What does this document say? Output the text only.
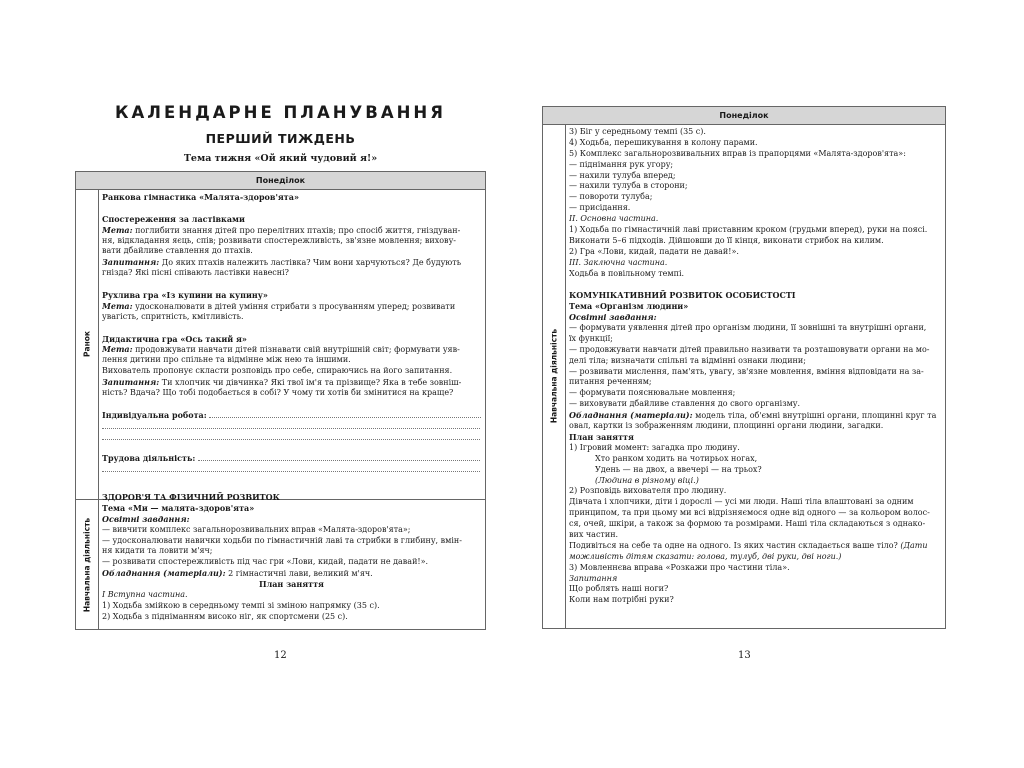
КАЛЕНДАРНЕ ПЛАНУВАННЯ
ПЕРШИЙ ТИЖДЕНЬ
Тема тижня «Ой який чудовий я!»
Понеділок
Ранок
Навчальна діяльність
Ранкова гімнастика «Малята-здоров'ята»
Спостереження за ластівками
Мета: поглибити знання дітей про перелітних птахів; про спосіб життя, гніздуван-
ня, відкладання яєць, спів; розвивати спостережливість, зв'язне мовлення; вихову-
вати дбайливе ставлення до птахів.
Запитання: До яких птахів належить ластівка? Чим вони харчуються? Де будують
гнізда? Які пісні співають ластівки навесні?
Рухлива гра «Із купини на купину»
Мета: удосконалювати в дітей уміння стрибати з просуванням уперед; розвивати
увагість, спритність, кмітливість.
Дидактична гра «Ось такий я»
Мета: продовжувати навчати дітей пізнавати свій внутрішній світ; формувати уяв-
лення дитини про спільне та відмінне між нею та іншими.
Вихователь пропонує скласти розповідь про себе, спираючись на його запитання.
Запитання: Ти хлопчик чи дівчинка? Які твої ім'я та прізвище? Яка в тебе зовніш-
ність? Вдача? Що тобі подобається в собі? У чому ти хотів би змінитися на краще?
Індивідуальна робота:
Трудова діяльність:
ЗДОРОВ'Я ТА ФІЗИЧНИЙ РОЗВИТОК
Тема «Ми — малята-здоров'ята»
Освітні завдання:
— вивчити комплекс загальнорозвивальних вправ «Малята-здоров'ята»;
— удосконалювати навички ходьби по гімнастичній лаві та стрибки в глибину, вмін-
ня кидати та ловити м'яч;
— розвивати спостережливість під час гри «Лови, кидай, падати не давай!».
Обладнання (матеріали): 2 гімнастичні лави, великий м'яч.
План заняття
I Вступна частина.
1) Ходьба змійкою в середньому темпі зі зміною напрямку (35 с).
2) Ходьба з підніманням високо ніг, як спортсмени (25 с).
12
Понеділок
Навчальна діяльність
3) Біг у середньому темпі (35 с).
4) Ходьба, перешикування в колону парами.
5) Комплекс загальнорозвивальних вправ із прапорцями «Малята-здоров'ята»:
— піднімання рук угору;
— нахили тулуба вперед;
— нахили тулуба в сторони;
— повороти тулуба;
— присідання.
II. Основна частина.
1) Ходьба по гімнастичній лаві приставним кроком (грудьми вперед), руки на поясі.
Виконати 5–6 підходів. Дійшовши до її кінця, виконати стрибок на килим.
2) Гра «Лови, кидай, падати не давай!».
III. Заключна частина.
Ходьба в повільному темпі.
КОМУНІКАТИВНИЙ РОЗВИТОК ОСОБИСТОСТІ
Тема «Організм людини»
Освітні завдання:
— формувати уявлення дітей про організм людини, її зовнішні та внутрішні органи,
їх функції;
— продовжувати навчати дітей правильно називати та розташовувати органи на мо-
делі тіла; визначати спільні та відмінні ознаки людини;
— розвивати мислення, пам'ять, увагу, зв'язне мовлення, вміння відповідати на за-
питання реченням;
— формувати пояснювальне мовлення;
— виховувати дбайливе ставлення до свого організму.
Обладнання (матеріали): модель тіла, об'ємні внутрішні органи, площинні круг та
овал, картки із зображенням людини, площинні органи людини, загадки.
План заняття
1) Ігровий момент: загадка про людину.
Хто ранком ходить на чотирьох ногах,
Удень — на двох, а ввечері — на трьох?
(Людина в різному віці.)
2) Розповідь вихователя про людину.
Дівчата і хлопчики, діти і дорослі — усі ми люди. Наші тіла влаштовані за одним
принципом, та при цьому ми всі відрізняємося одне від одного — за кольором волос-
ся, очей, шкіри, а також за формою та розмірами. Наші тіла складаються з однако-
вих частин.
Подивіться на себе та одне на одного. Із яких частин складається ваше тіло? (Дати
можливість дітям сказати: голова, тулуб, дві руки, дві ноги.)
3) Мовленнєва вправа «Розкажи про частини тіла».
Запитання
Що роблять наші ноги?
Коли нам потрібні руки?
13
